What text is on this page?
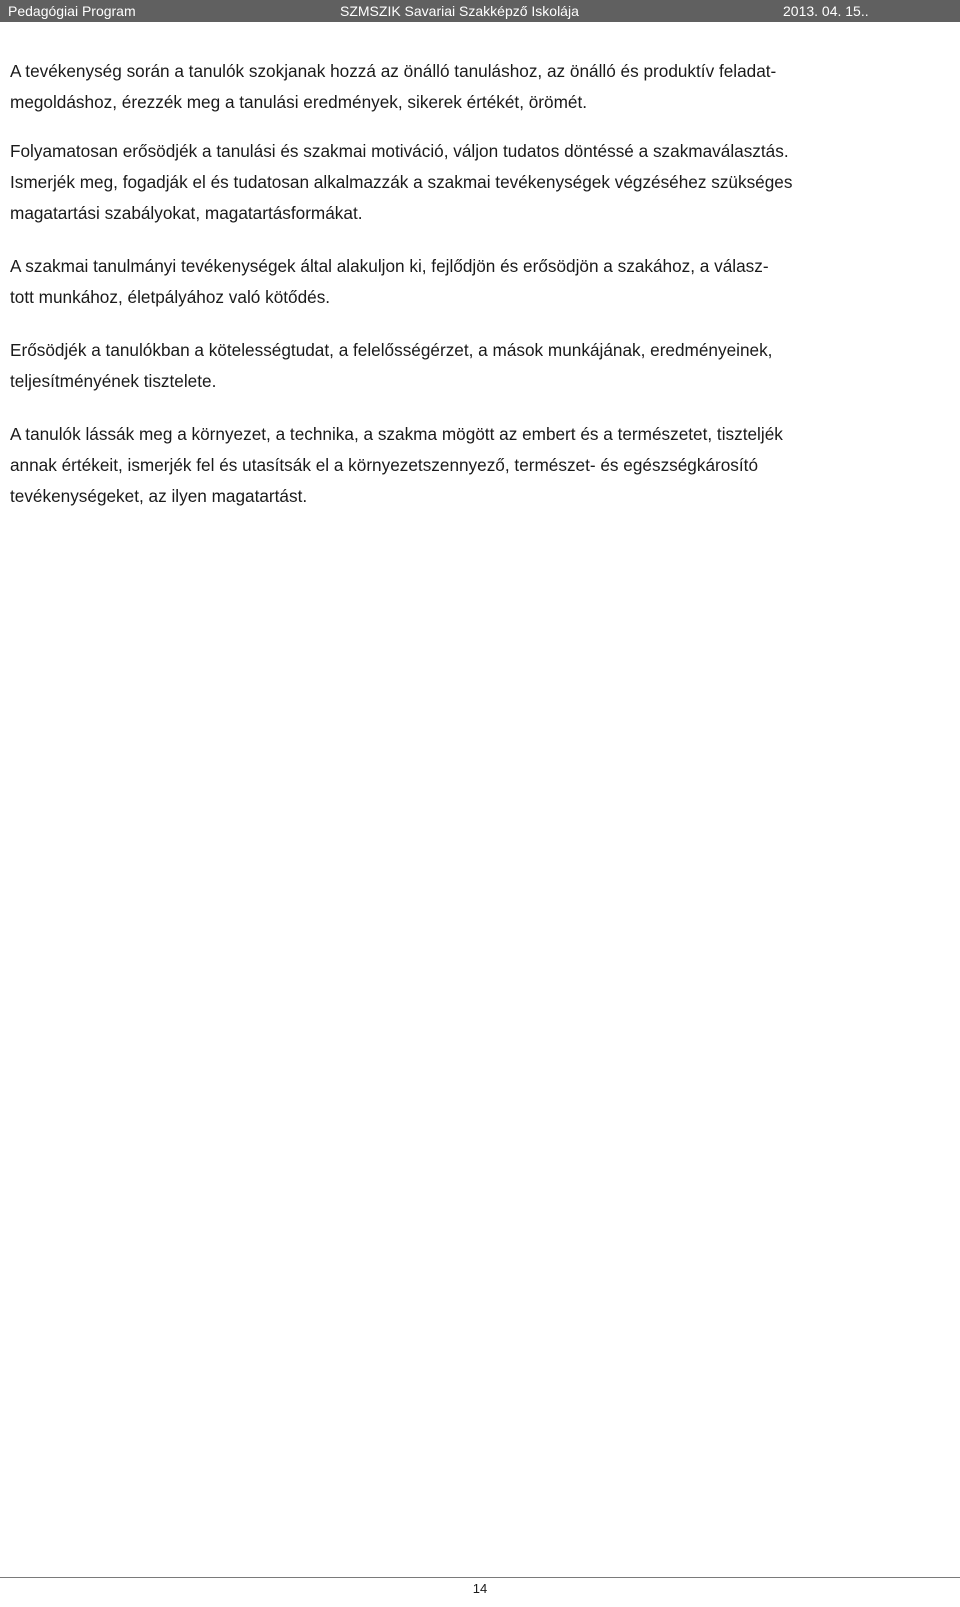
Pedagógiai Program	SZMSZIK Savariai Szakképző Iskolája	2013. 04. 15..

A tevékenység során a tanulók szokjanak hozzá az önálló tanuláshoz, az önálló és produktív feladat-
megoldáshoz, érezzék meg a tanulási eredmények, sikerek értékét, örömét.

Folyamatosan erősödjék a tanulási és szakmai motiváció, váljon tudatos döntéssé a szakmaválasztás.
Ismerjék meg, fogadják el és tudatosan alkalmazzák a szakmai tevékenységek végzéséhez szükséges
magatartási szabályokat, magatartásformákat.

A szakmai tanulmányi tevékenységek által alakuljon ki, fejlődjön és erősödjön a szakához, a válasz-
tott munkához, életpályához való kötődés.

Erősödjék a tanulókban a kötelességtudat, a felelősségérzet, a mások munkájának, eredményeinek,
teljesítményének tisztelete.

A tanulók lássák meg a környezet, a technika, a szakma mögött az embert és a természetet, tiszteljék
annak értékeit, ismerjék fel és utasítsák el a környezetszennyező, természet- és egészségkárosító
tevékenységeket, az ilyen magatartást.

14
